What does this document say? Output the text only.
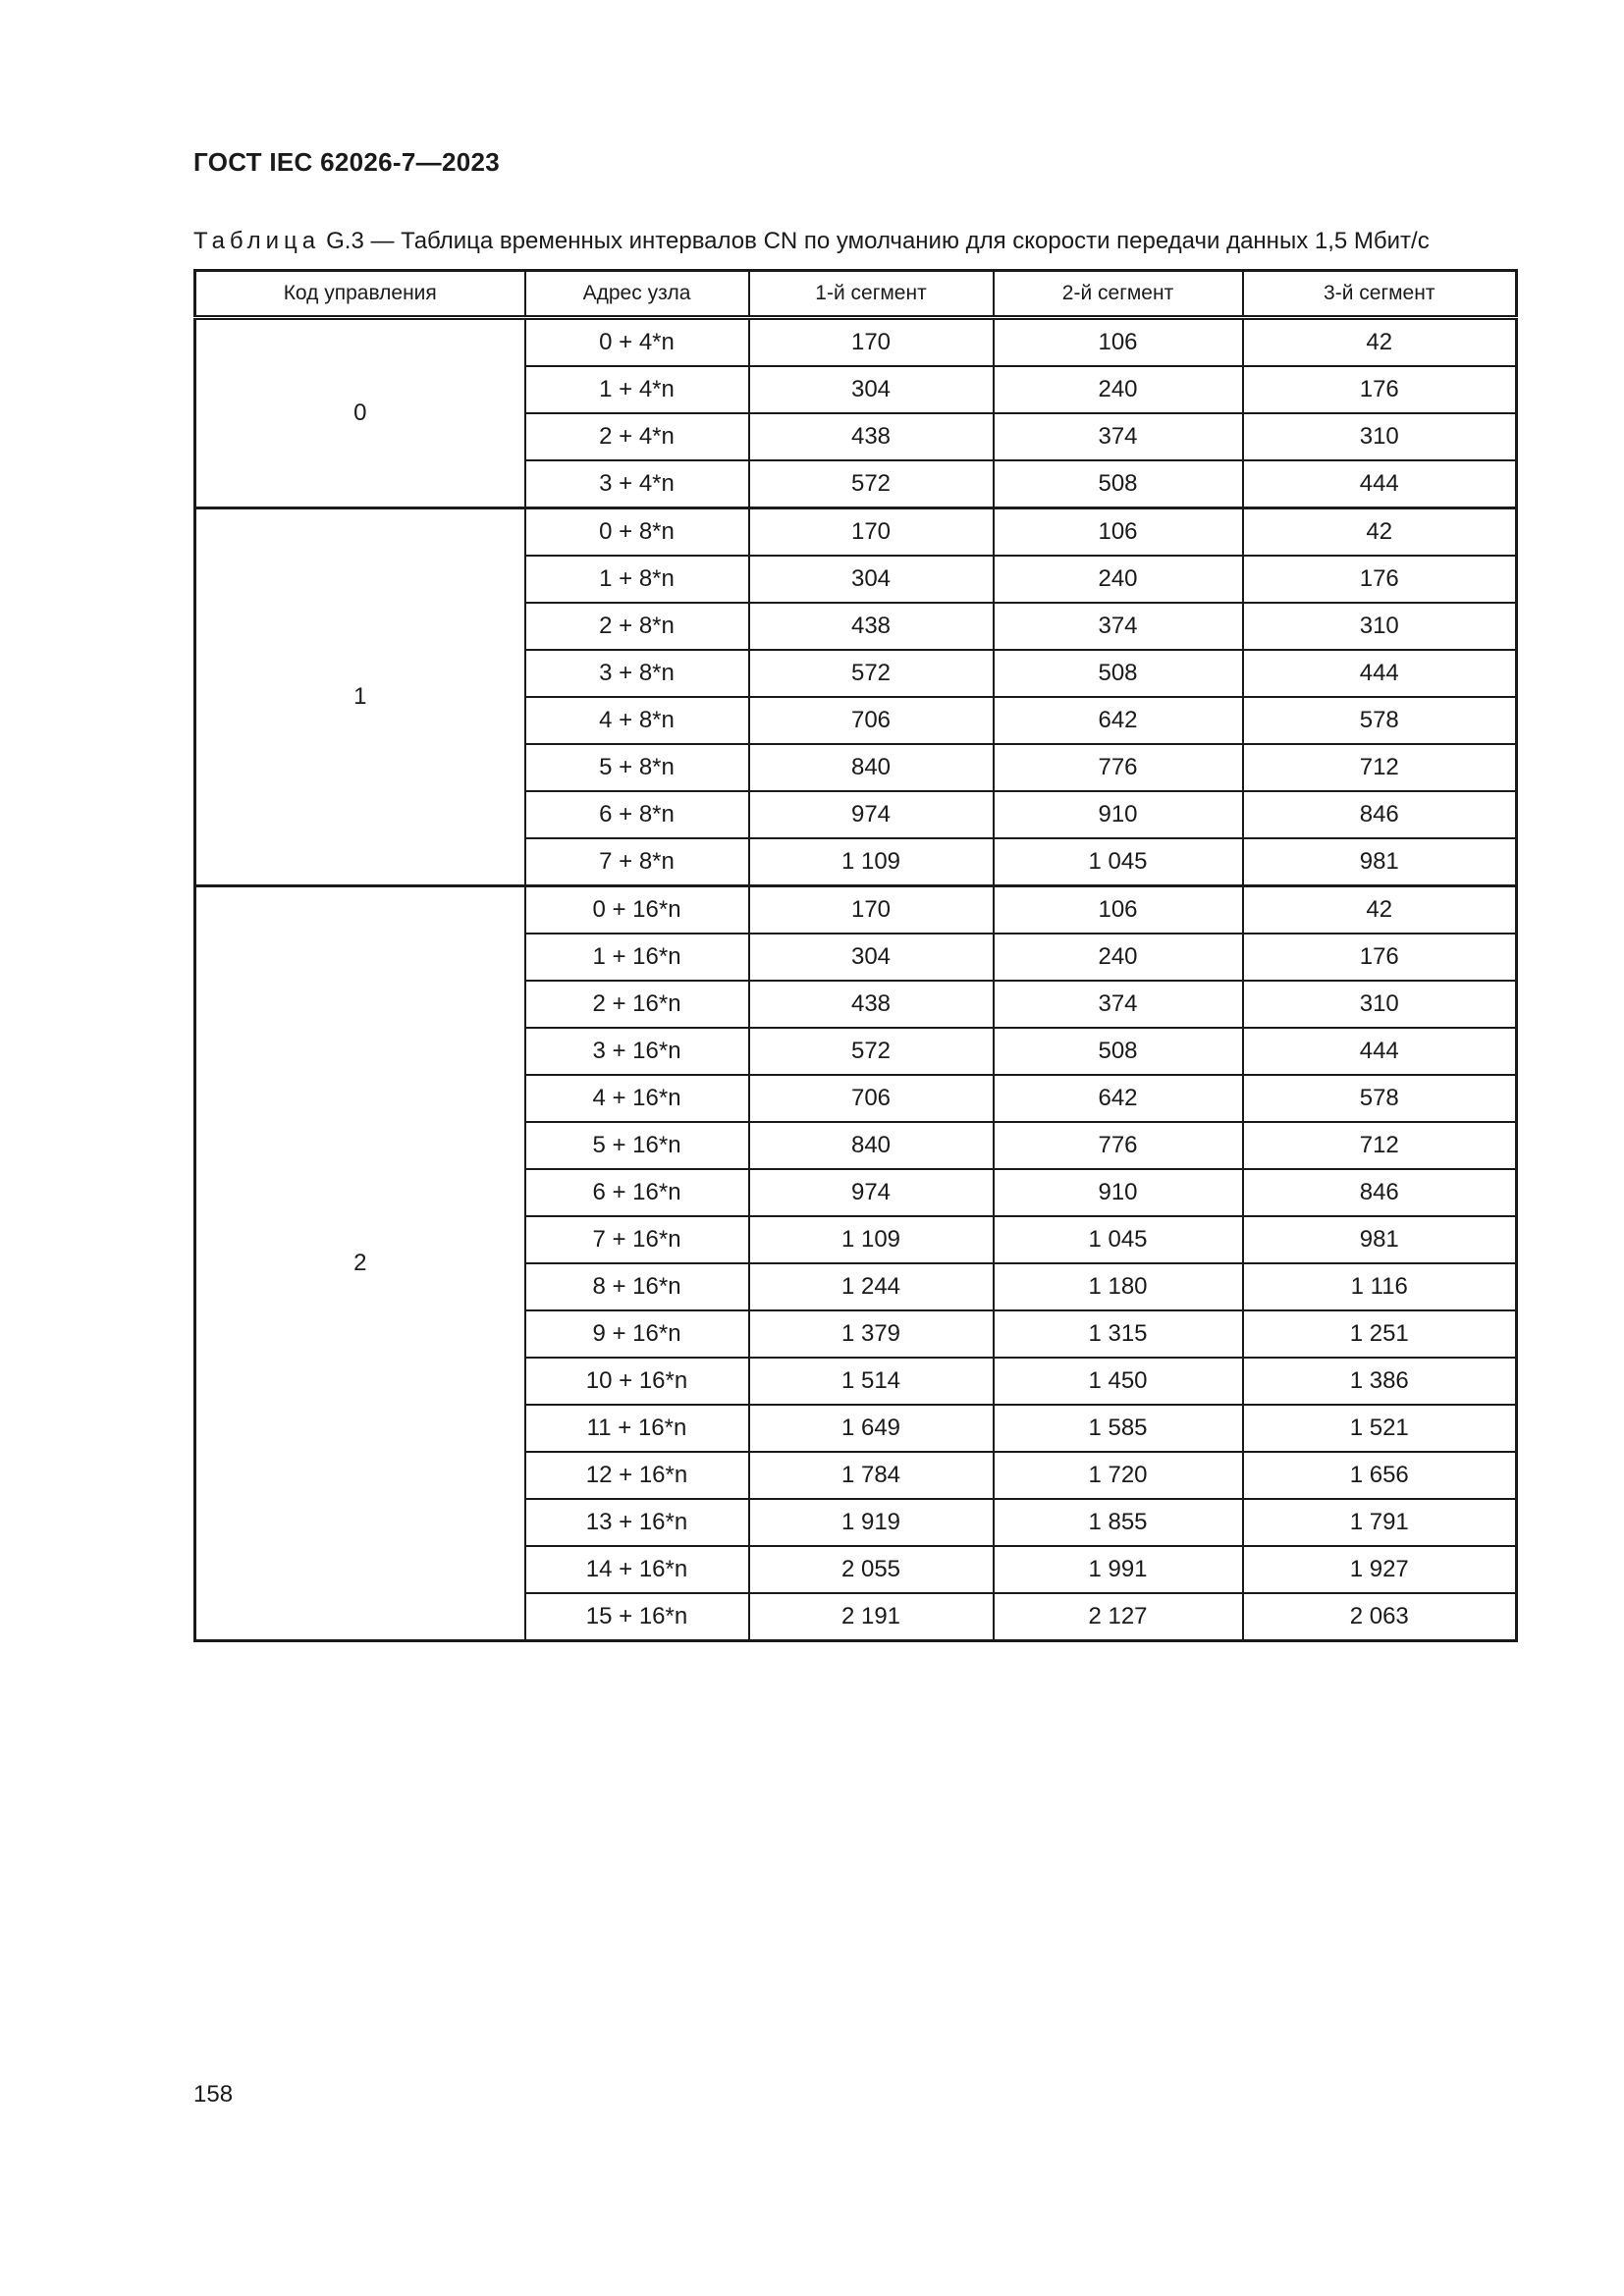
ГОСТ IEC 62026-7—2023
Таблица G.3 — Таблица временных интервалов CN по умолчанию для скорости передачи данных 1,5 Мбит/с
Код управления	Адрес узла	1-й сегмент	2-й сегмент	3-й сегмент
0	0 + 4*n	170	106	42
	1 + 4*n	304	240	176
	2 + 4*n	438	374	310
	3 + 4*n	572	508	444
1	0 + 8*n	170	106	42
	1 + 8*n	304	240	176
	2 + 8*n	438	374	310
	3 + 8*n	572	508	444
	4 + 8*n	706	642	578
	5 + 8*n	840	776	712
	6 + 8*n	974	910	846
	7 + 8*n	1 109	1 045	981
2	0 + 16*n	170	106	42
	1 + 16*n	304	240	176
	2 + 16*n	438	374	310
	3 + 16*n	572	508	444
	4 + 16*n	706	642	578
	5 + 16*n	840	776	712
	6 + 16*n	974	910	846
	7 + 16*n	1 109	1 045	981
	8 + 16*n	1 244	1 180	1 116
	9 + 16*n	1 379	1 315	1 251
	10 + 16*n	1 514	1 450	1 386
	11 + 16*n	1 649	1 585	1 521
	12 + 16*n	1 784	1 720	1 656
	13 + 16*n	1 919	1 855	1 791
	14 + 16*n	2 055	1 991	1 927
	15 + 16*n	2 191	2 127	2 063
158
